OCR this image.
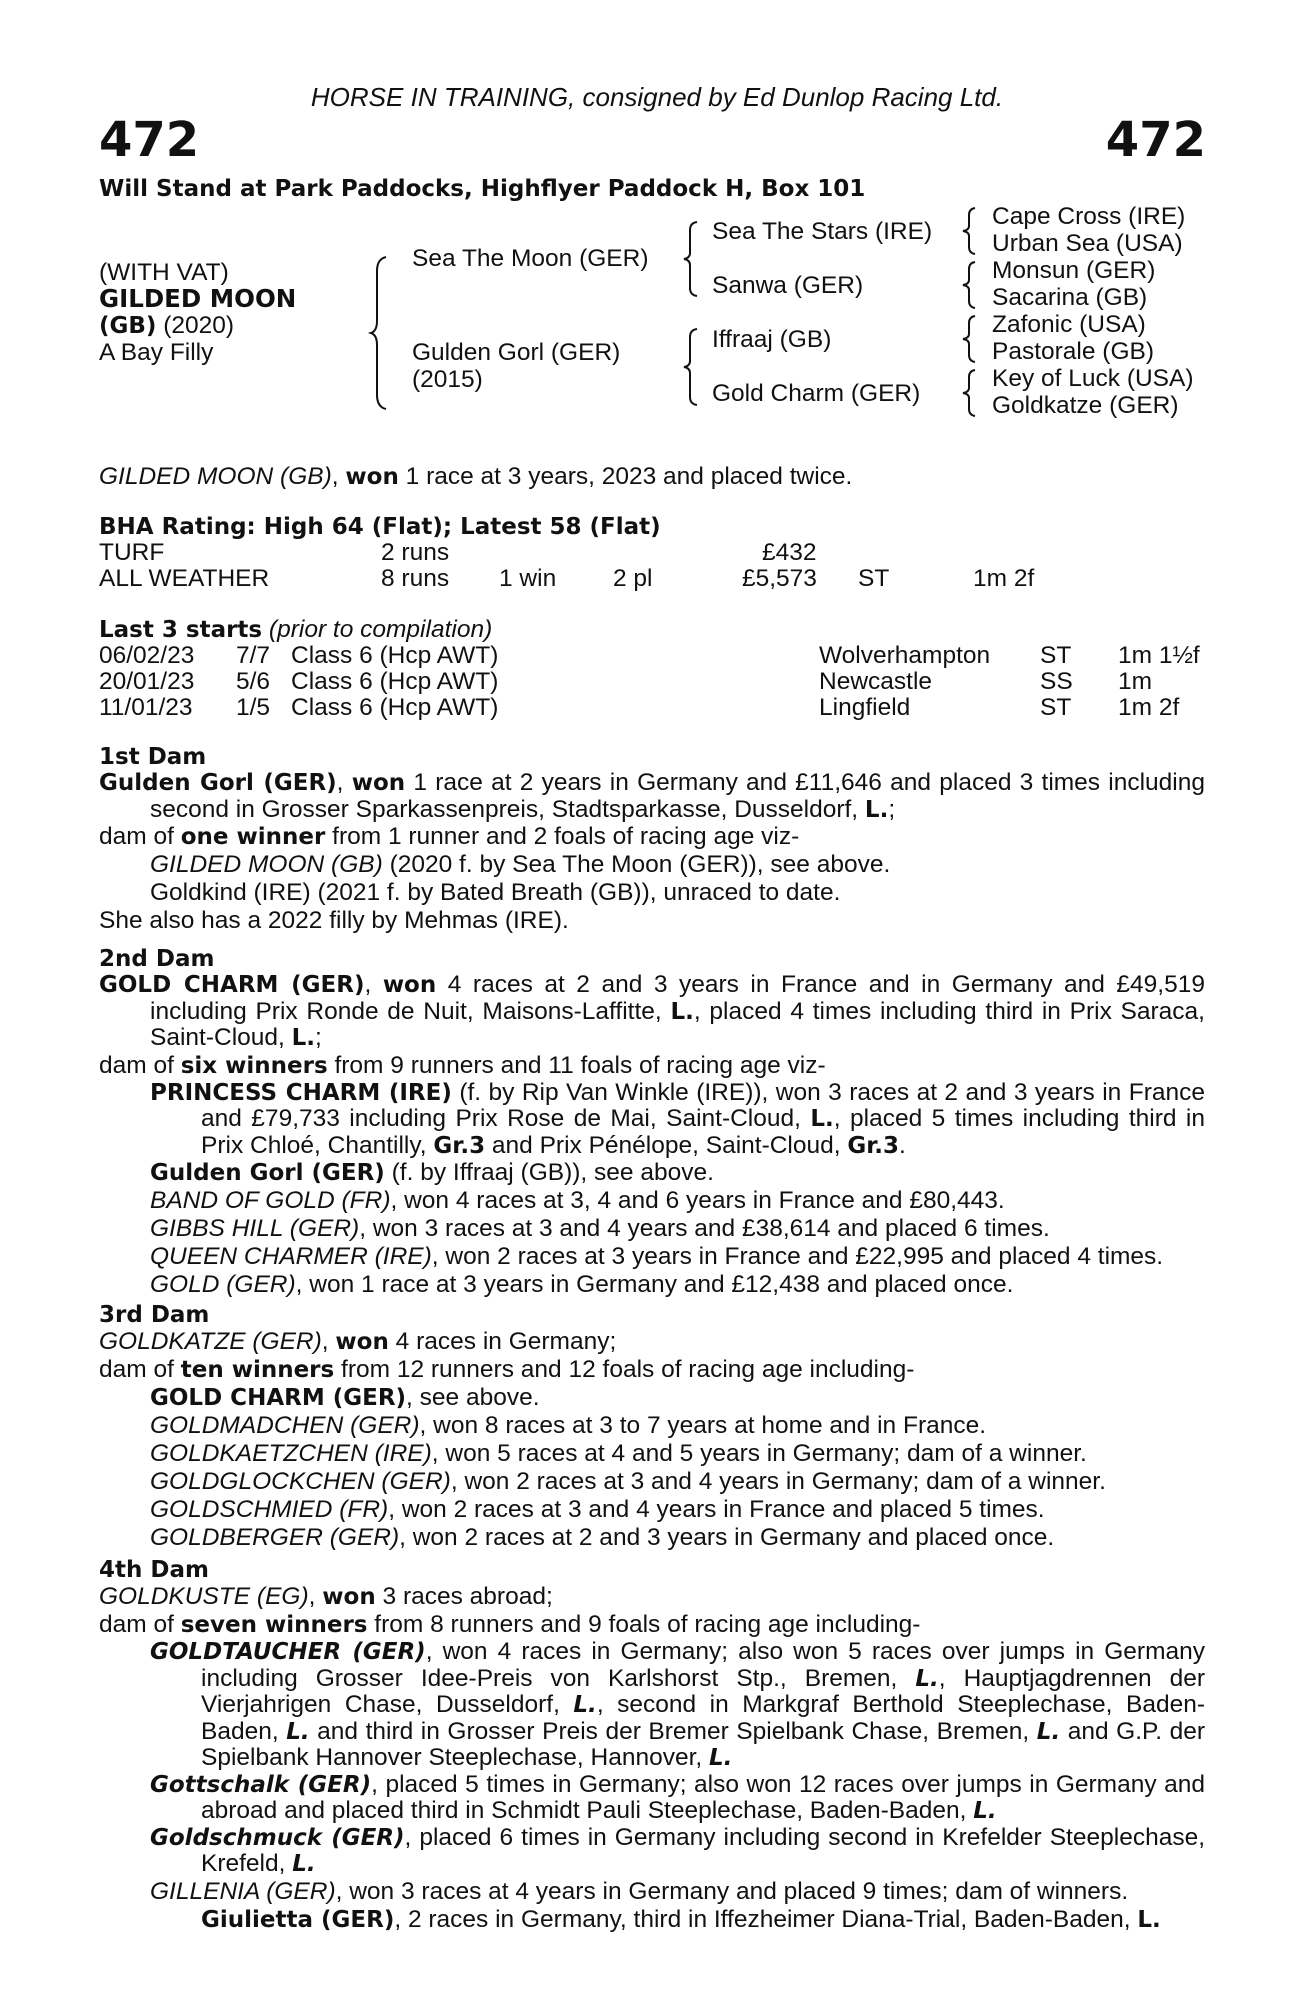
HORSE IN TRAINING, consigned by Ed Dunlop Racing Ltd.
472	472
Will Stand at Park Paddocks, Highflyer Paddock H, Box 101
(WITH VAT)
GILDED MOON
(GB) (2020)
A Bay Filly
Sea The Moon (GER)
Gulden Gorl (GER)
(2015)
Sea The Stars (IRE)
Sanwa (GER)
Iffraaj (GB)
Gold Charm (GER)
Cape Cross (IRE)
Urban Sea (USA)
Monsun (GER)
Sacarina (GB)
Zafonic (USA)
Pastorale (GB)
Key of Luck (USA)
Goldkatze (GER)
GILDED MOON (GB), won 1 race at 3 years, 2023 and placed twice.
BHA Rating: High 64 (Flat); Latest 58 (Flat)
TURF	2 runs	£432
ALL WEATHER	8 runs 1 win 2 pl	£5,573 ST	1m 2f
Last 3 starts (prior to compilation)
06/02/23 7/7 Class 6 (Hcp AWT)	Wolverhampton ST 1m 1½f
20/01/23 5/6 Class 6 (Hcp AWT)	Newcastle	SS 1m
11/01/23 1/5 Class 6 (Hcp AWT)	Lingfield	ST 1m 2f
1st Dam
Gulden Gorl (GER), won 1 race at 2 years in Germany and £11,646 and placed 3 times including second in Grosser Sparkassenpreis, Stadtsparkasse, Dusseldorf, L.;
dam of one winner from 1 runner and 2 foals of racing age viz-
GILDED MOON (GB) (2020 f. by Sea The Moon (GER)), see above.
Goldkind (IRE) (2021 f. by Bated Breath (GB)), unraced to date.
She also has a 2022 filly by Mehmas (IRE).
2nd Dam
GOLD CHARM (GER), won 4 races at 2 and 3 years in France and in Germany and £49,519 including Prix Ronde de Nuit, Maisons-Laffitte, L., placed 4 times including third in Prix Saraca, Saint-Cloud, L.;
dam of six winners from 9 runners and 11 foals of racing age viz-
PRINCESS CHARM (IRE) (f. by Rip Van Winkle (IRE)), won 3 races at 2 and 3 years in France and £79,733 including Prix Rose de Mai, Saint-Cloud, L., placed 5 times including third in Prix Chloé, Chantilly, Gr.3 and Prix Pénélope, Saint-Cloud, Gr.3.
Gulden Gorl (GER) (f. by Iffraaj (GB)), see above.
BAND OF GOLD (FR), won 4 races at 3, 4 and 6 years in France and £80,443.
GIBBS HILL (GER), won 3 races at 3 and 4 years and £38,614 and placed 6 times.
QUEEN CHARMER (IRE), won 2 races at 3 years in France and £22,995 and placed 4 times.
GOLD (GER), won 1 race at 3 years in Germany and £12,438 and placed once.
3rd Dam
GOLDKATZE (GER), won 4 races in Germany;
dam of ten winners from 12 runners and 12 foals of racing age including-
GOLD CHARM (GER), see above.
GOLDMADCHEN (GER), won 8 races at 3 to 7 years at home and in France.
GOLDKAETZCHEN (IRE), won 5 races at 4 and 5 years in Germany; dam of a winner.
GOLDGLOCKCHEN (GER), won 2 races at 3 and 4 years in Germany; dam of a winner.
GOLDSCHMIED (FR), won 2 races at 3 and 4 years in France and placed 5 times.
GOLDBERGER (GER), won 2 races at 2 and 3 years in Germany and placed once.
4th Dam
GOLDKUSTE (EG), won 3 races abroad;
dam of seven winners from 8 runners and 9 foals of racing age including-
GOLDTAUCHER (GER), won 4 races in Germany; also won 5 races over jumps in Germany including Grosser Idee-Preis von Karlshorst Stp., Bremen, L., Hauptjagdrennen der Vierjahrigen Chase, Dusseldorf, L., second in Markgraf Berthold Steeplechase, Baden-Baden, L. and third in Grosser Preis der Bremer Spielbank Chase, Bremen, L. and G.P. der Spielbank Hannover Steeplechase, Hannover, L.
Gottschalk (GER), placed 5 times in Germany; also won 12 races over jumps in Germany and abroad and placed third in Schmidt Pauli Steeplechase, Baden-Baden, L.
Goldschmuck (GER), placed 6 times in Germany including second in Krefelder Steeplechase, Krefeld, L.
GILLENIA (GER), won 3 races at 4 years in Germany and placed 9 times; dam of winners.
Giulietta (GER), 2 races in Germany, third in Iffezheimer Diana-Trial, Baden-Baden, L.
